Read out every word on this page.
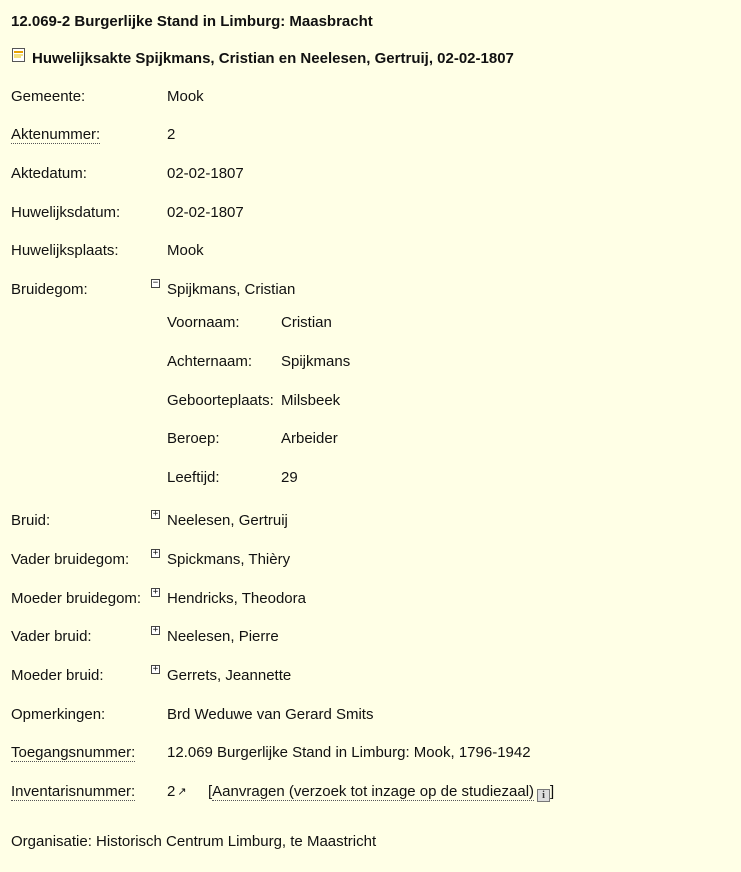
12.069-2 Burgerlijke Stand in Limburg: Maasbracht
Huwelijksakte Spijkmans, Cristian en Neelesen, Gertruij, 02-02-1807
Gemeente:	Mook
Aktenummer:	2
Aktedatum:	02-02-1807
Huwelijksdatum:	02-02-1807
Huwelijksplaats:	Mook
Bruidegom:	− Spijkmans, Cristian
Voornaam:	Cristian
Achternaam: Spijkmans
Geboorteplaats: Milsbeek
Beroep:	Arbeider
Leeftijd:	29
Bruid:	+ Neelesen, Gertruij
Vader bruidegom:	+ Spickmans, Thièry
Moeder bruidegom: + Hendricks, Theodora
Vader bruid:	+ Neelesen, Pierre
Moeder bruid:	+ Gerrets, Jeannette
Opmerkingen:	Brd Weduwe van Gerard Smits
Toegangsnummer: 12.069 Burgerlijke Stand in Limburg: Mook, 1796-1942
Inventarisnummer: 2 ↗︎ [Aanvragen (verzoek tot inzage op de studiezaal) i ]
Organisatie: Historisch Centrum Limburg, te Maastricht
